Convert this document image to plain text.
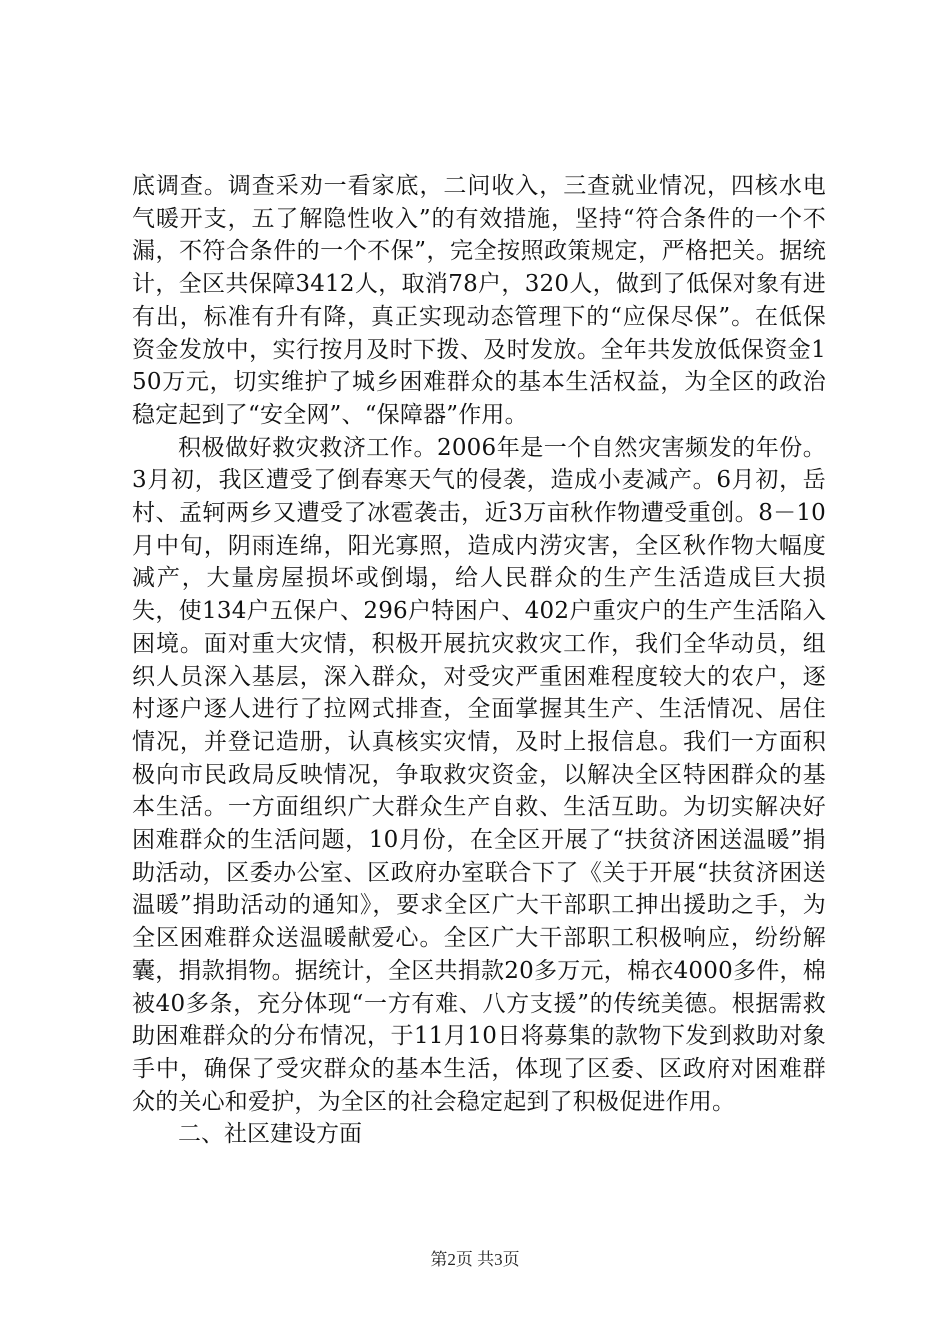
底调查。调查采劝一看家底，二问收入，三查就业情况，四核水电气暖开支，五了解隐性收入”的有效措施，坚持“符合条件的一个不漏，不符合条件的一个不保”，完全按照政策规定，严格把关。据统计，全区共保障3412人，取消78户，320人，做到了低保对象有进有出，标准有升有降，真正实现动态管理下的“应保尽保”。在低保资金发放中，实行按月及时下拨、及时发放。全年共发放低保资金150万元，切实维护了城乡困难群众的基本生活权益，为全区的政治稳定起到了“安全网”、“保障器”作用。

积极做好救灾救济工作。2006年是一个自然灾害频发的年份。3月初，我区遭受了倒春寒天气的侵袭，造成小麦减产。6月初，岳村、孟轲两乡又遭受了冰雹袭击，近3万亩秋作物遭受重创。8－10月中旬，阴雨连绵，阳光寡照，造成内涝灾害，全区秋作物大幅度减产，大量房屋损坏或倒塌，给人民群众的生产生活造成巨大损失，使134户五保户、296户特困户、402户重灾户的生产生活陷入困境。面对重大灾情，积极开展抗灾救灾工作，我们全华动员，组织人员深入基层，深入群众，对受灾严重困难程度较大的农户，逐村逐户逐人进行了拉网式排查，全面掌握其生产、生活情况、居住情况，并登记造册，认真核实灾情，及时上报信息。我们一方面积极向市民政局反映情况，争取救灾资金，以解决全区特困群众的基本生活。一方面组织广大群众生产自救、生活互助。为切实解决好困难群众的生活问题，10月份，在全区开展了“扶贫济困送温暖”捐助活动，区委办公室、区政府办室联合下了《关于开展“扶贫济困送温暖”捐助活动的通知》，要求全区广大干部职工抻出援助之手，为全区困难群众送温暖献爱心。全区广大干部职工积极响应，纷纷解囊，捐款捐物。据统计，全区共捐款20多万元，棉衣4000多件，棉被40多条，充分体现“一方有难、八方支援”的传统美德。根据需救助困难群众的分布情况，于11月10日将募集的款物下发到救助对象手中，确保了受灾群众的基本生活，体现了区委、区政府对困难群众的关心和爱护，为全区的社会稳定起到了积极促进作用。

二、社区建设方面

第2页 共3页
